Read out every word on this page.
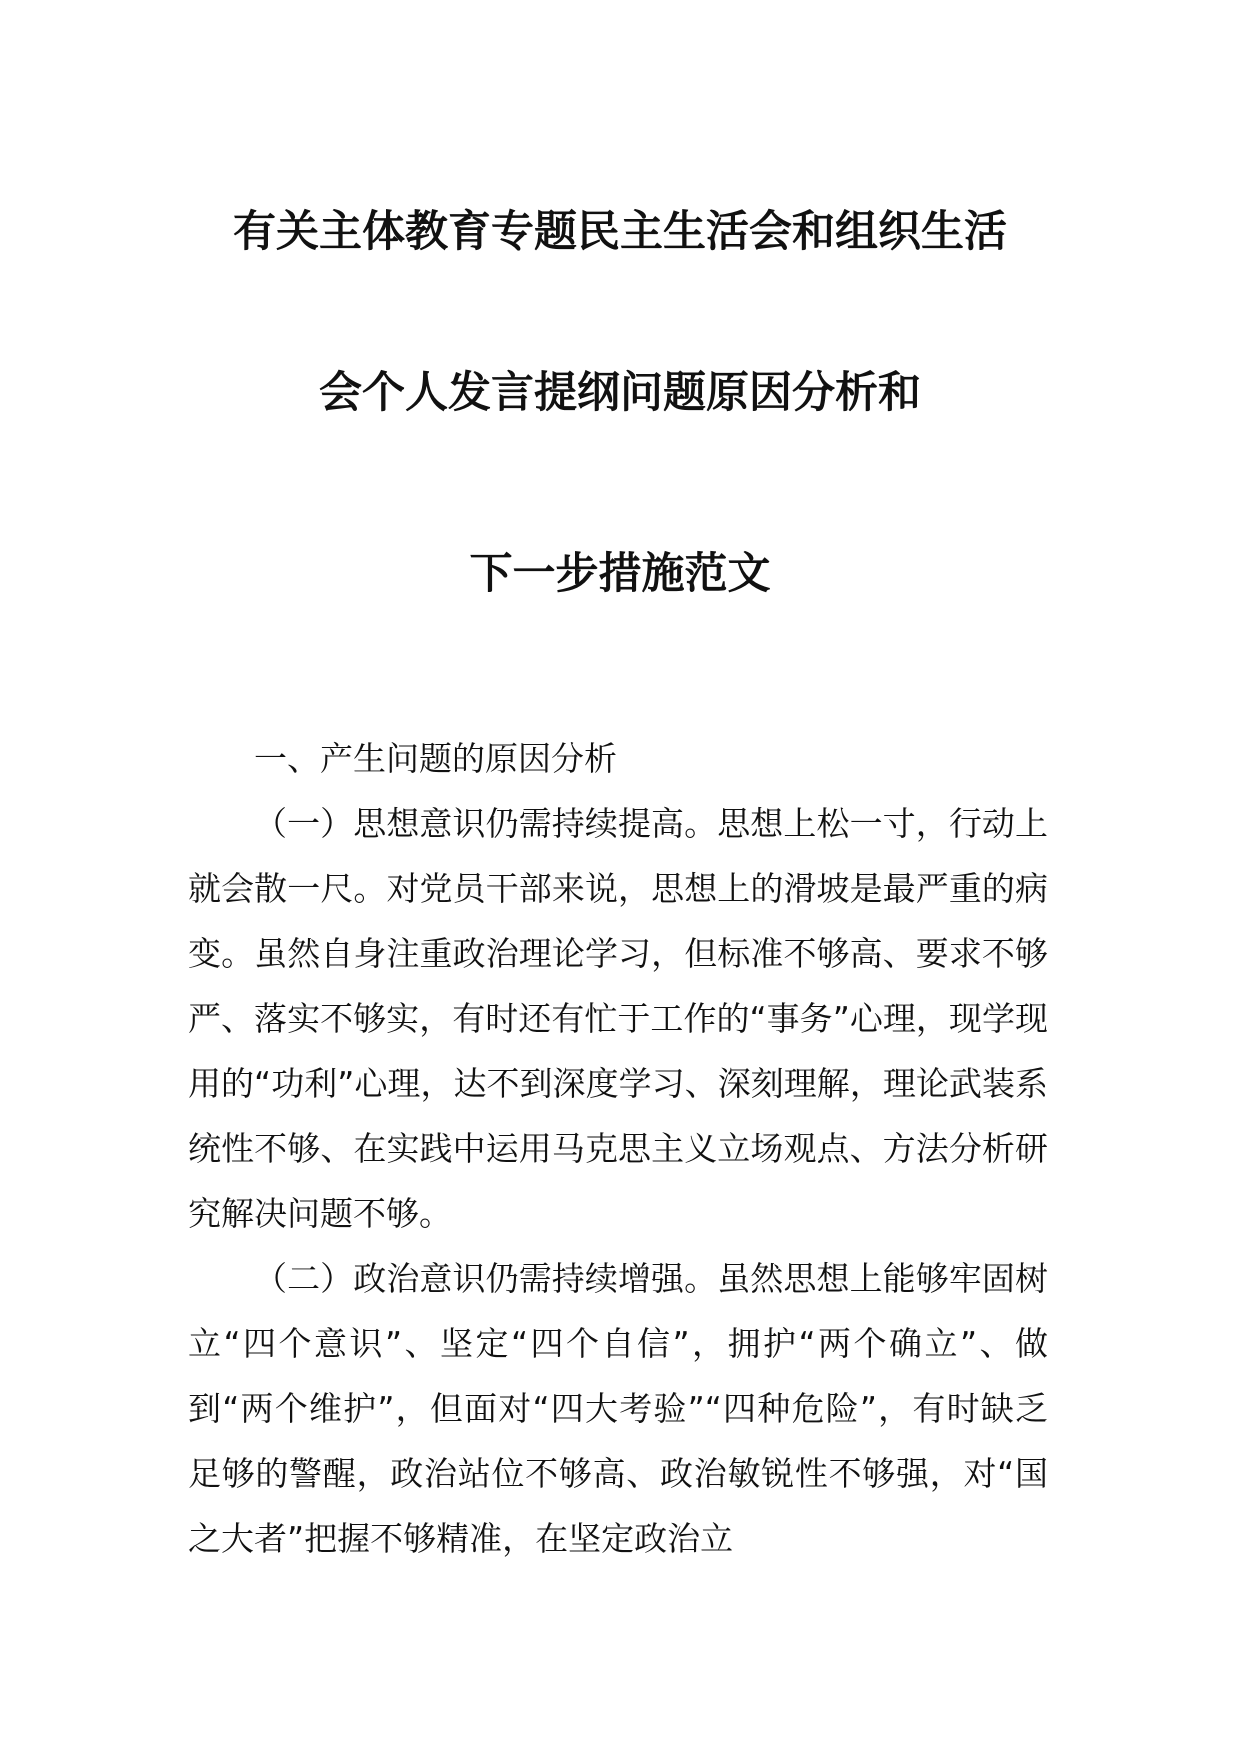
有关主体教育专题民主生活会和组织生活
会个人发言提纲问题原因分析和
下一步措施范文

一、产生问题的原因分析

（一）思想意识仍需持续提高。思想上松一寸，行动上就会散一尺。对党员干部来说，思想上的滑坡是最严重的病变。虽然自身注重政治理论学习，但标准不够高、要求不够严、落实不够实，有时还有忙于工作的“事务”心理，现学现用的“功利”心理，达不到深度学习、深刻理解，理论武装系统性不够、在实践中运用马克思主义立场观点、方法分析研究解决问题不够。

（二）政治意识仍需持续增强。虽然思想上能够牢固树立“四个意识”、坚定“四个自信”，拥护“两个确立”、做到“两个维护”，但面对“四大考验”“四种危险”，有时缺乏足够的警醒，政治站位不够高、政治敏锐性不够强，对“国之大者”把握不够精准，在坚定政治立
